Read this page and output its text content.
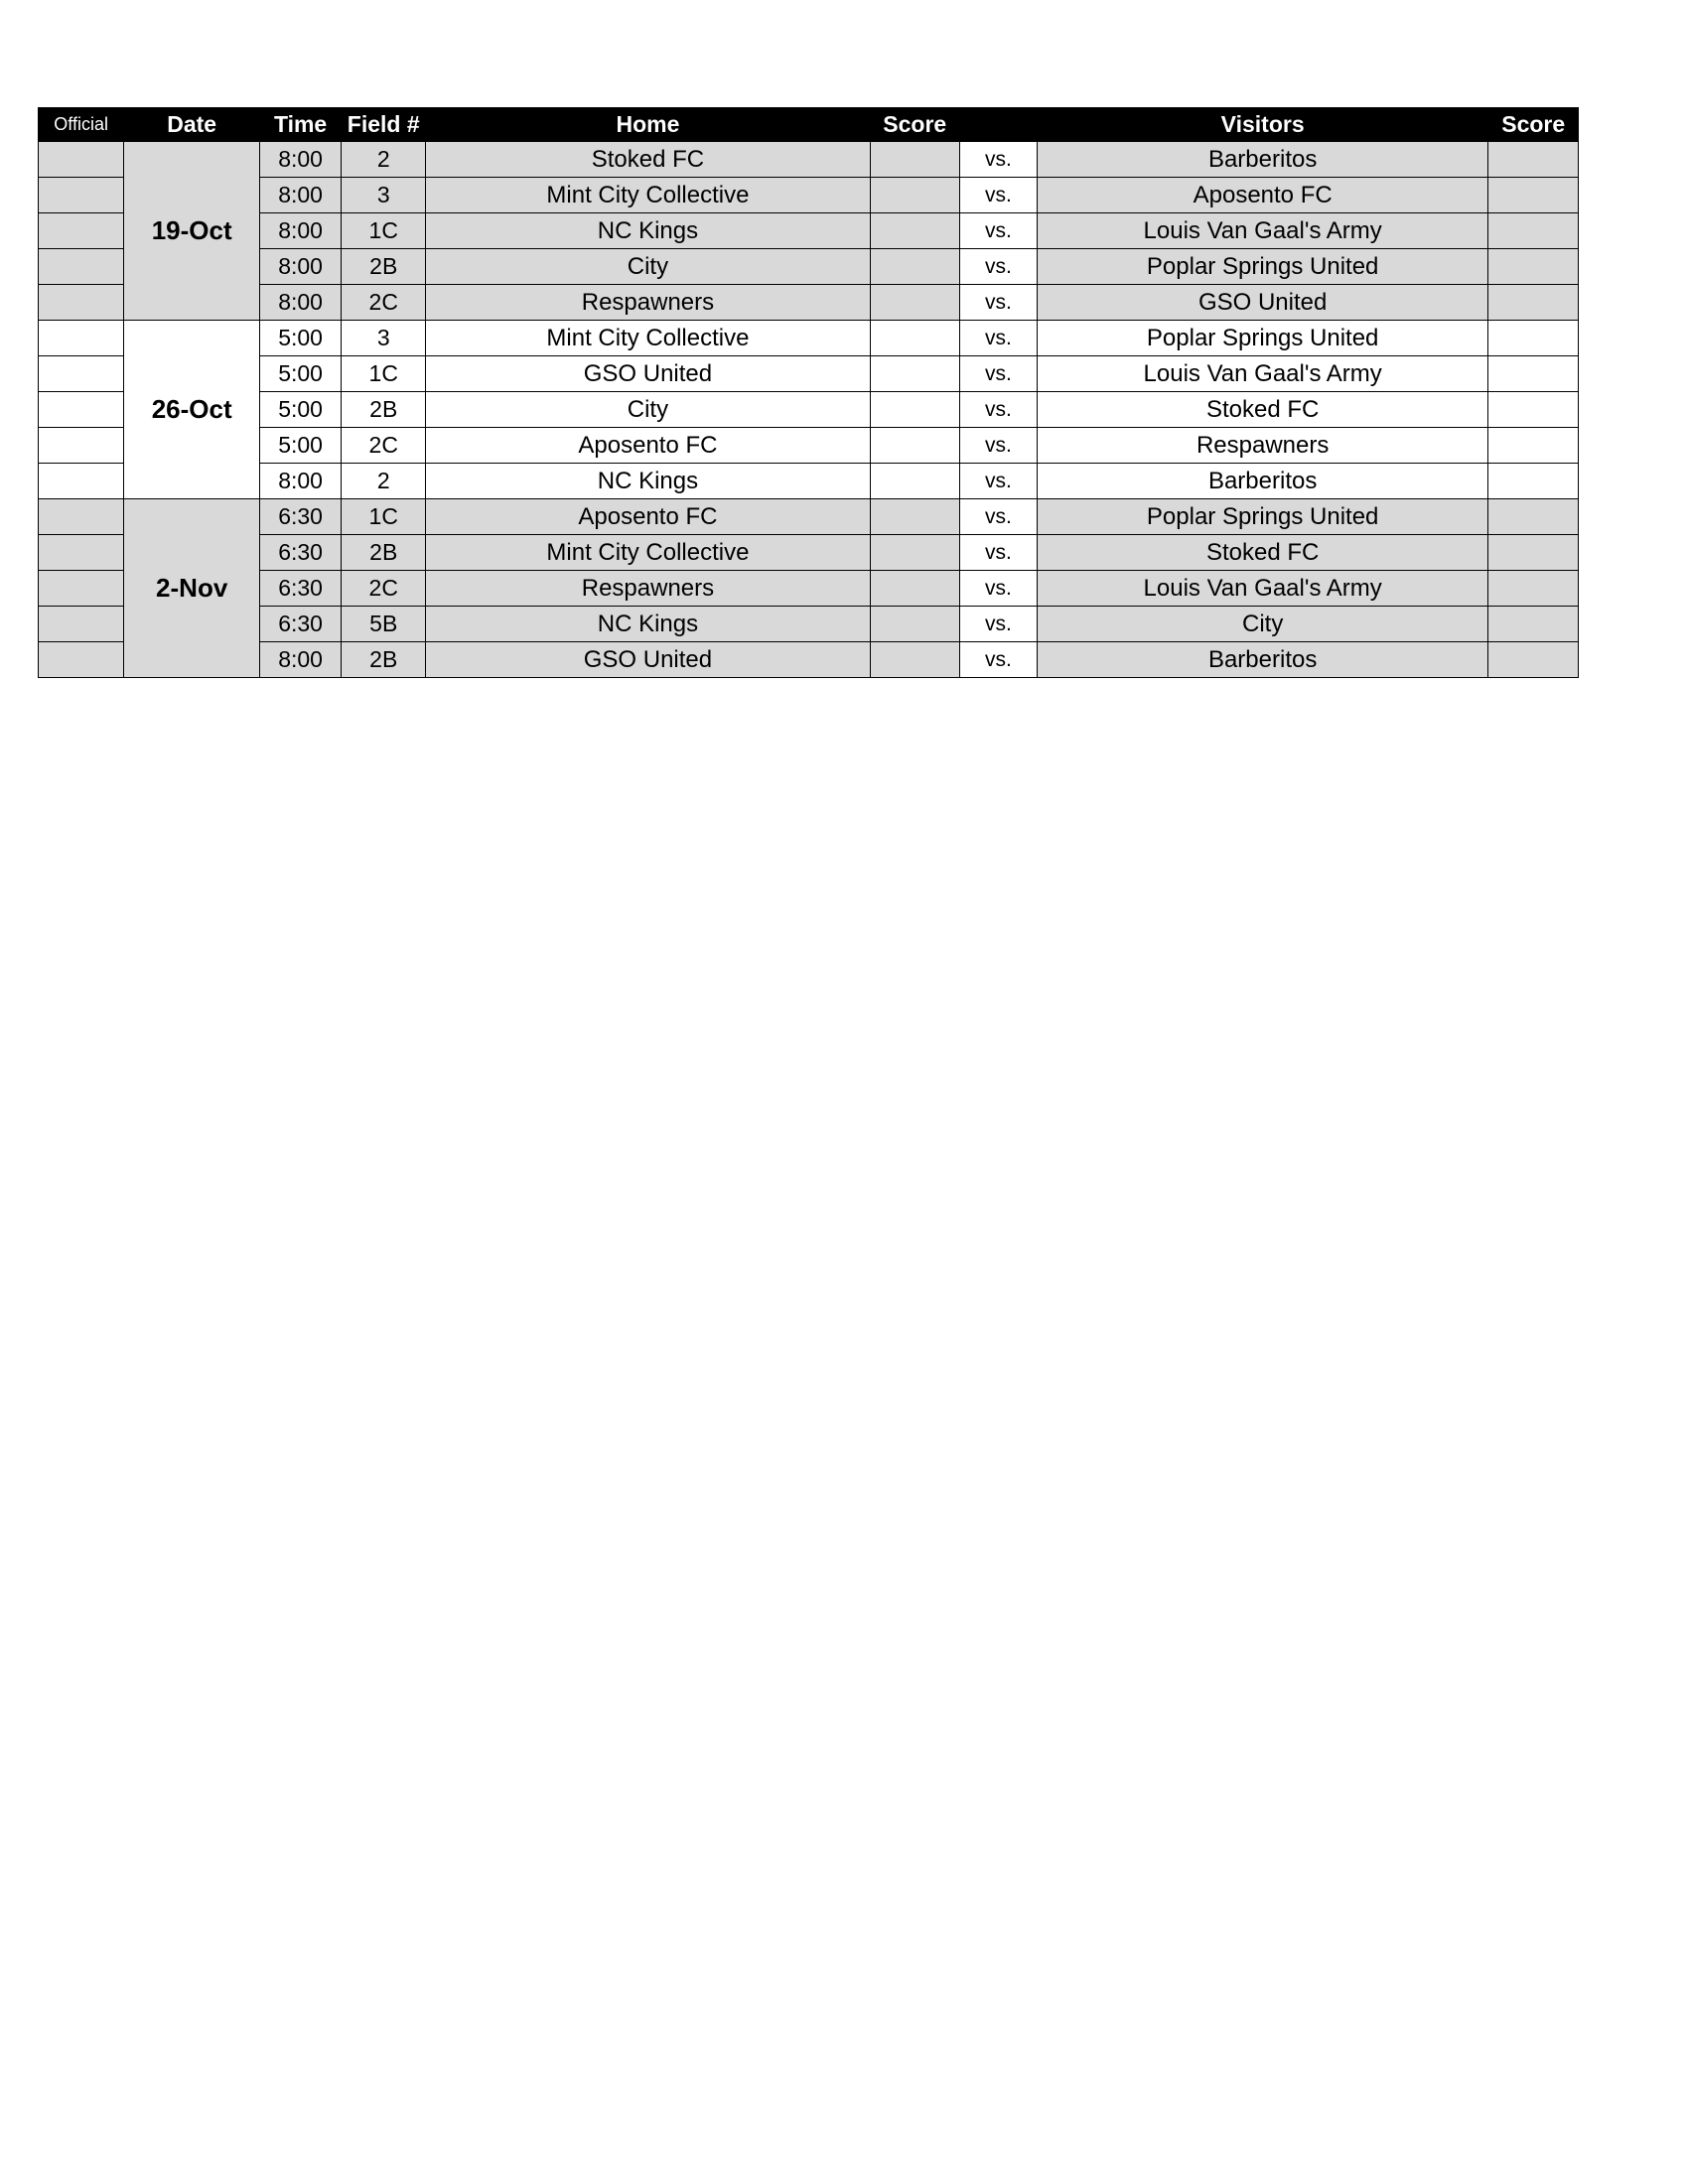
Official	Date	Time	Field #	Home	Score		Visitors	Score
	19-Oct	8:00	2	Stoked FC		vs.	Barberitos	
		8:00	3	Mint City Collective		vs.	Aposento FC	
		8:00	1C	NC Kings		vs.	Louis Van Gaal's Army	
		8:00	2B	City		vs.	Poplar Springs United	
		8:00	2C	Respawners		vs.	GSO United	
	26-Oct	5:00	3	Mint City Collective		vs.	Poplar Springs United	
		5:00	1C	GSO United		vs.	Louis Van Gaal's Army	
		5:00	2B	City		vs.	Stoked FC	
		5:00	2C	Aposento FC		vs.	Respawners	
		8:00	2	NC Kings		vs.	Barberitos	
	2-Nov	6:30	1C	Aposento FC		vs.	Poplar Springs United	
		6:30	2B	Mint City Collective		vs.	Stoked FC	
		6:30	2C	Respawners		vs.	Louis Van Gaal's Army	
		6:30	5B	NC Kings		vs.	City	
		8:00	2B	GSO United		vs.	Barberitos	
